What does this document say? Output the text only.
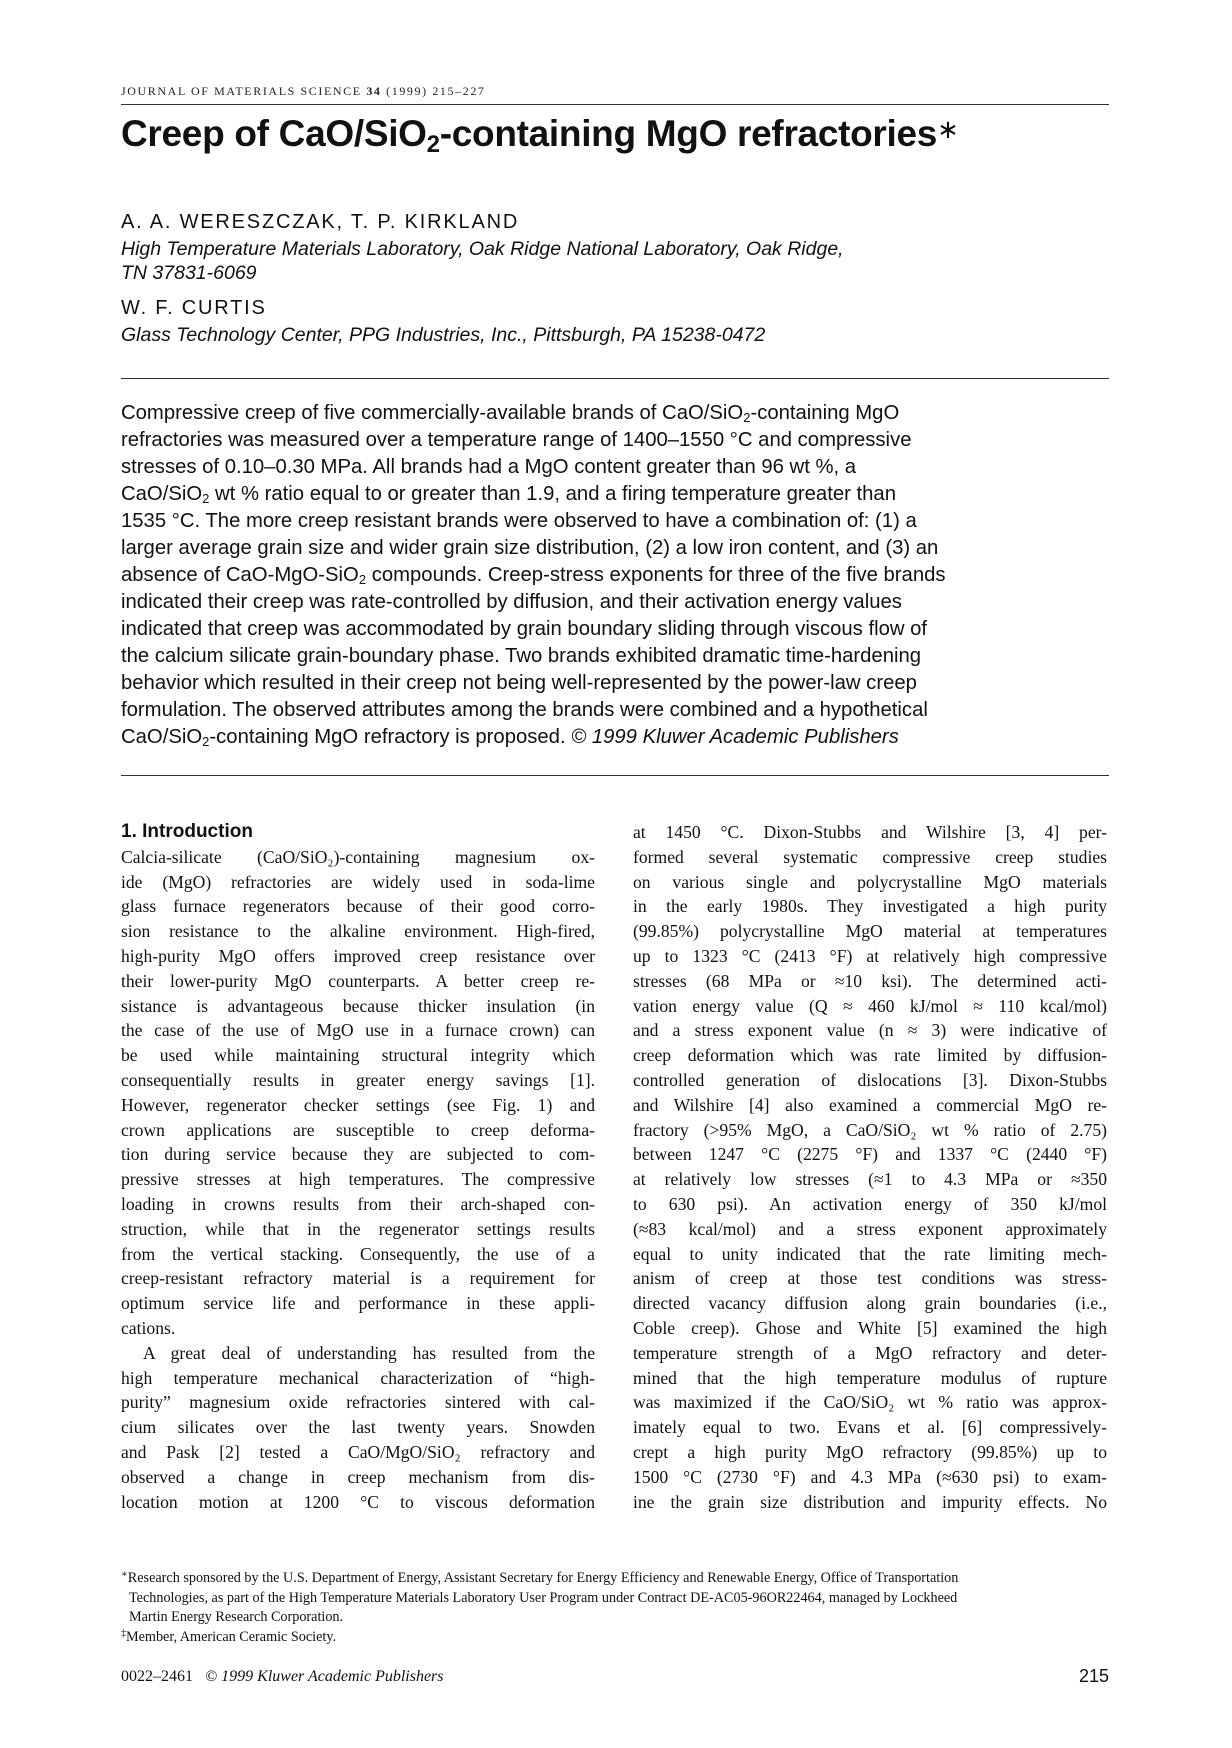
JOURNAL OF MATERIALS SCIENCE 34 (1999) 215–227
Creep of CaO/SiO$_2$-containing MgO refractories∗
A. A. WERESZCZAK, T. P. KIRKLAND
High Temperature Materials Laboratory, Oak Ridge National Laboratory, Oak Ridge,
TN 37831-6069
W. F. CURTIS
Glass Technology Center, PPG Industries, Inc., Pittsburgh, PA 15238-0472
Compressive creep of five commercially-available brands of CaO/SiO$_2$-containing MgO
refractories was measured over a temperature range of 1400–1550 °C and compressive
stresses of 0.10–0.30 MPa. All brands had a MgO content greater than 96 wt %, a
CaO/SiO$_2$ wt % ratio equal to or greater than 1.9, and a firing temperature greater than
1535 °C. The more creep resistant brands were observed to have a combination of: (1) a
larger average grain size and wider grain size distribution, (2) a low iron content, and (3) an
absence of CaO-MgO-SiO$_2$ compounds. Creep-stress exponents for three of the five brands
indicated their creep was rate-controlled by diffusion, and their activation energy values
indicated that creep was accommodated by grain boundary sliding through viscous flow of
the calcium silicate grain-boundary phase. Two brands exhibited dramatic time-hardening
behavior which resulted in their creep not being well-represented by the power-law creep
formulation. The observed attributes among the brands were combined and a hypothetical
CaO/SiO$_2$-containing MgO refractory is proposed. © 1999 Kluwer Academic Publishers
1. Introduction
Calcia-silicate (CaO/SiO₂)-containing magnesium ox-
ide (MgO) refractories are widely used in soda-lime
glass furnace regenerators because of their good corro-
sion resistance to the alkaline environment. High-fired,
high-purity MgO offers improved creep resistance over
their lower-purity MgO counterparts. A better creep re-
sistance is advantageous because thicker insulation (in
the case of the use of MgO use in a furnace crown) can
be used while maintaining structural integrity which
consequentially results in greater energy savings [1].
However, regenerator checker settings (see Fig. 1) and
crown applications are susceptible to creep deforma-
tion during service because they are subjected to com-
pressive stresses at high temperatures. The compressive
loading in crowns results from their arch-shaped con-
struction, while that in the regenerator settings results
from the vertical stacking. Consequently, the use of a
creep-resistant refractory material is a requirement for
optimum service life and performance in these appli-
cations.
A great deal of understanding has resulted from the
high temperature mechanical characterization of “high-
purity” magnesium oxide refractories sintered with cal-
cium silicates over the last twenty years. Snowden
and Pask [2] tested a CaO/MgO/SiO₂ refractory and
observed a change in creep mechanism from dis-
location motion at 1200 °C to viscous deformation
at 1450 °C. Dixon-Stubbs and Wilshire [3, 4] per-
formed several systematic compressive creep studies
on various single and polycrystalline MgO materials
in the early 1980s. They investigated a high purity
(99.85%) polycrystalline MgO material at temperatures
up to 1323 °C (2413 °F) at relatively high compressive
stresses (68 MPa or ≈10 ksi). The determined acti-
vation energy value (Q ≈ 460 kJ/mol ≈ 110 kcal/mol)
and a stress exponent value (n ≈ 3) were indicative of
creep deformation which was rate limited by diffusion-
controlled generation of dislocations [3]. Dixon-Stubbs
and Wilshire [4] also examined a commercial MgO re-
fractory (>95% MgO, a CaO/SiO₂ wt % ratio of 2.75)
between 1247 °C (2275 °F) and 1337 °C (2440 °F)
at relatively low stresses (≈1 to 4.3 MPa or ≈350
to 630 psi). An activation energy of 350 kJ/mol
(≈83 kcal/mol) and a stress exponent approximately
equal to unity indicated that the rate limiting mech-
anism of creep at those test conditions was stress-
directed vacancy diffusion along grain boundaries (i.e.,
Coble creep). Ghose and White [5] examined the high
temperature strength of a MgO refractory and deter-
mined that the high temperature modulus of rupture
was maximized if the CaO/SiO₂ wt % ratio was approx-
imately equal to two. Evans et al. [6] compressively-
crept a high purity MgO refractory (99.85%) up to
1500 °C (2730 °F) and 4.3 MPa (≈630 psi) to exam-
ine the grain size distribution and impurity effects. No
∗Research sponsored by the U.S. Department of Energy, Assistant Secretary for Energy Efficiency and Renewable Energy, Office of Transportation
Technologies, as part of the High Temperature Materials Laboratory User Program under Contract DE-AC05-96OR22464, managed by Lockheed
Martin Energy Research Corporation.
‡Member, American Ceramic Society.
0022–2461 © 1999 Kluwer Academic Publishers	215
